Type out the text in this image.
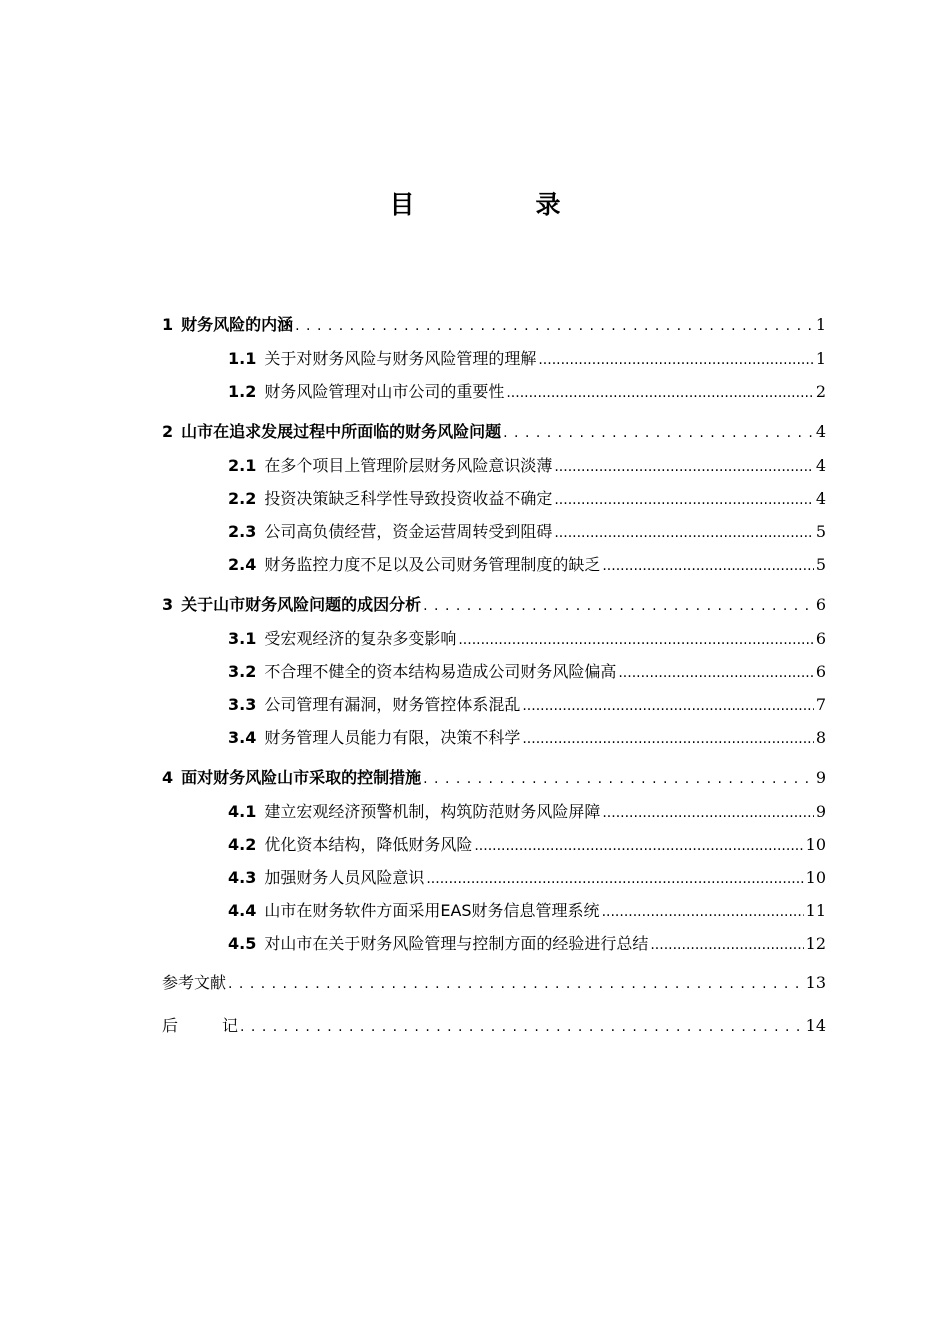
目　录
1 财务风险的内涵 . . .	1
1.1 关于对财务风险与财务风险管理的理解 .....	1
1.2 财务风险管理对山市公司的重要性 .....	2
2 山市在追求发展过程中所面临的财务风险问题 . . .	4
2.1 在多个项目上管理阶层财务风险意识淡薄 .....	4
2.2 投资决策缺乏科学性导致投资收益不确定 .....	4
2.3 公司高负债经营，资金运营周转受到阻碍 .....	5
2.4 财务监控力度不足以及公司财务管理制度的缺乏 .....	5
3 关于山市财务风险问题的成因分析 . . .	6
3.1 受宏观经济的复杂多变影响 .....	6
3.2 不合理不健全的资本结构易造成公司财务风险偏高 .....	6
3.3 公司管理有漏洞，财务管控体系混乱 .....	7
3.4 财务管理人员能力有限，决策不科学 .....	8
4 面对财务风险山市采取的控制措施 . . .	9
4.1 建立宏观经济预警机制，构筑防范财务风险屏障 .....	9
4.2 优化资本结构，降低财务风险 .....	10
4.3 加强财务人员风险意识 .....	10
4.4 山市在财务软件方面采用EAS财务信息管理系统 .....	11
4.5 对山市在关于财务风险管理与控制方面的经验进行总结 .....	12
参考文献 . . .	13
后记 . . .	14
